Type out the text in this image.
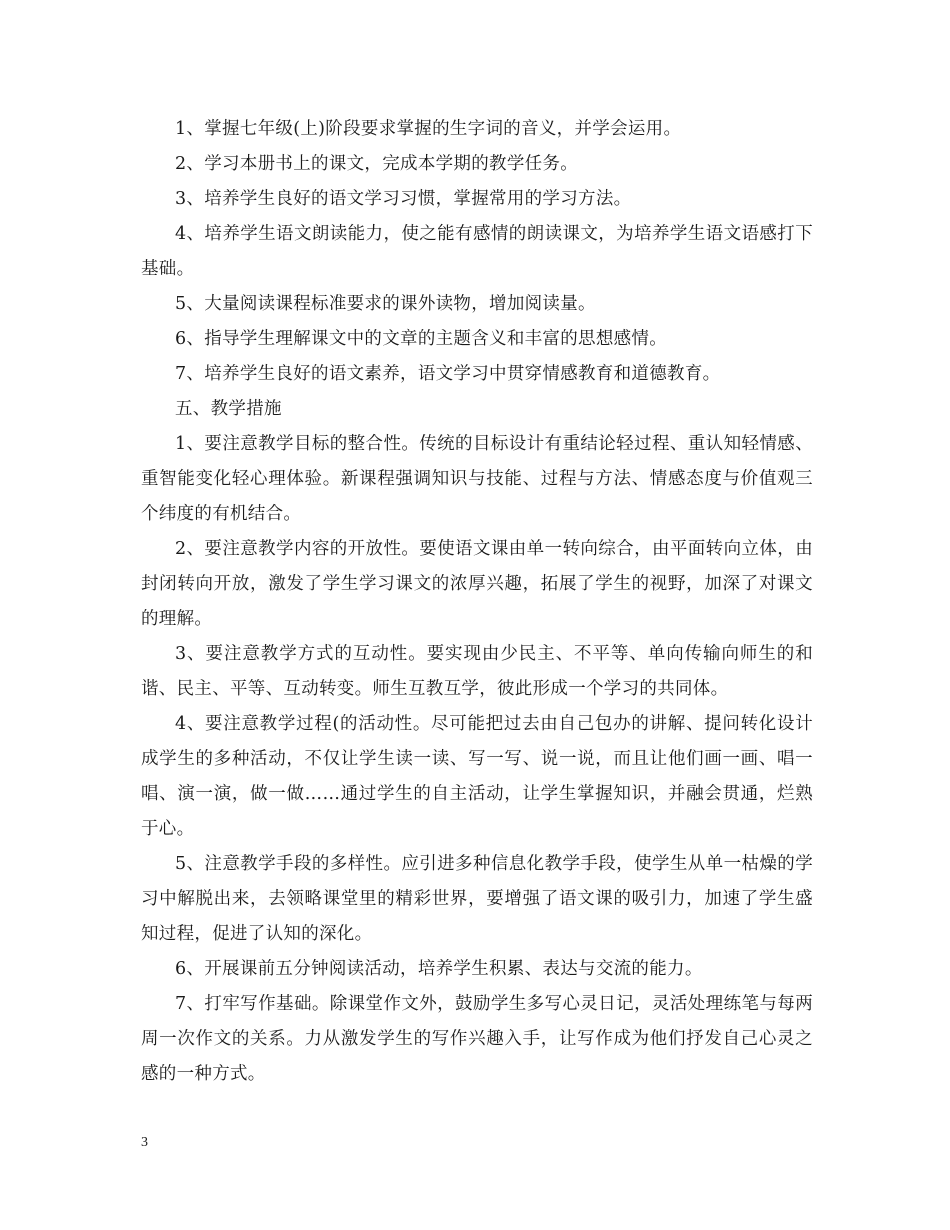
1、掌握七年级(上)阶段要求掌握的生字词的音义，并学会运用。

2、学习本册书上的课文，完成本学期的教学任务。

3、培养学生良好的语文学习习惯，掌握常用的学习方法。

4、培养学生语文朗读能力，使之能有感情的朗读课文，为培养学生语文语感打下基础。

5、大量阅读课程标准要求的课外读物，增加阅读量。

6、指导学生理解课文中的文章的主题含义和丰富的思想感情。

7、培养学生良好的语文素养，语文学习中贯穿情感教育和道德教育。

五、教学措施

1、要注意教学目标的整合性。传统的目标设计有重结论轻过程、重认知轻情感、重智能变化轻心理体验。新课程强调知识与技能、过程与方法、情感态度与价值观三个纬度的有机结合。

2、要注意教学内容的开放性。要使语文课由单一转向综合，由平面转向立体，由封闭转向开放，激发了学生学习课文的浓厚兴趣，拓展了学生的视野，加深了对课文的理解。

3、要注意教学方式的互动性。要实现由少民主、不平等、单向传输向师生的和谐、民主、平等、互动转变。师生互教互学，彼此形成一个学习的共同体。

4、要注意教学过程(的活动性。尽可能把过去由自己包办的讲解、提问转化设计成学生的多种活动，不仅让学生读一读、写一写、说一说，而且让他们画一画、唱一唱、演一演，做一做……通过学生的自主活动，让学生掌握知识，并融会贯通，烂熟于心。

5、注意教学手段的多样性。应引进多种信息化教学手段，使学生从单一枯燥的学习中解脱出来，去领略课堂里的精彩世界，要增强了语文课的吸引力，加速了学生盛知过程，促进了认知的深化。

6、开展课前五分钟阅读活动，培养学生积累、表达与交流的能力。

7、打牢写作基础。除课堂作文外，鼓励学生多写心灵日记，灵活处理练笔与每两周一次作文的关系。力从激发学生的写作兴趣入手，让写作成为他们抒发自己心灵之感的一种方式。

3
